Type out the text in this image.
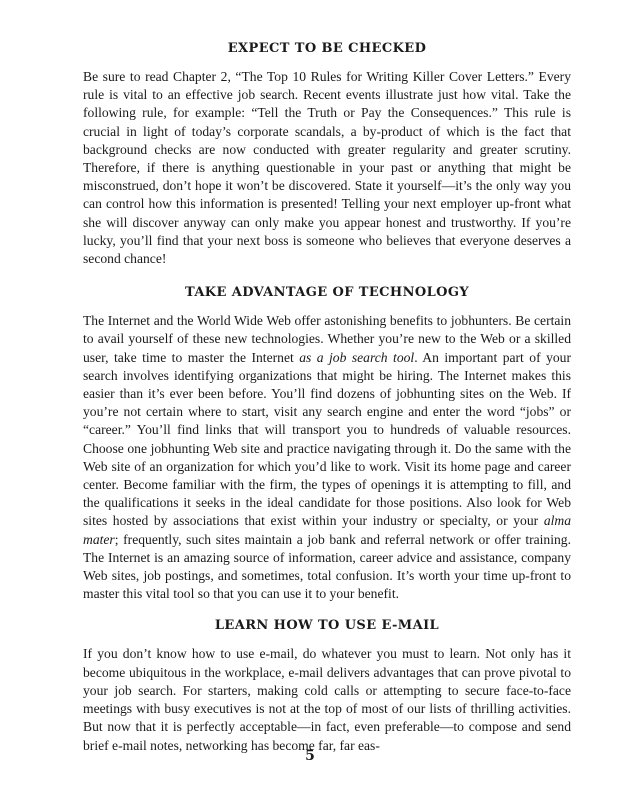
EXPECT TO BE CHECKED

Be sure to read Chapter 2, “The Top 10 Rules for Writing Killer Cover Letters.” Every rule is vital to an effective job search. Recent events illustrate just how vital. Take the following rule, for example: “Tell the Truth or Pay the Consequences.” This rule is crucial in light of today’s corporate scandals, a by-product of which is the fact that background checks are now conducted with greater regularity and greater scrutiny. Therefore, if there is anything questionable in your past or anything that might be misconstrued, don’t hope it won’t be discovered. State it yourself—it’s the only way you can control how this information is presented! Telling your next employer up-front what she will discover anyway can only make you appear honest and trustworthy. If you’re lucky, you’ll find that your next boss is someone who believes that everyone deserves a second chance!

TAKE ADVANTAGE OF TECHNOLOGY

The Internet and the World Wide Web offer astonishing benefits to jobhunters. Be certain to avail yourself of these new technologies. Whether you’re new to the Web or a skilled user, take time to master the Internet as a job search tool. An important part of your search involves identifying organizations that might be hiring. The Internet makes this easier than it’s ever been before. You’ll find dozens of jobhunting sites on the Web. If you’re not certain where to start, visit any search engine and enter the word “jobs” or “career.” You’ll find links that will transport you to hundreds of valuable resources. Choose one jobhunting Web site and practice navigating through it. Do the same with the Web site of an organization for which you’d like to work. Visit its home page and career center. Become familiar with the firm, the types of openings it is attempting to fill, and the qualifications it seeks in the ideal candidate for those positions. Also look for Web sites hosted by associations that exist within your industry or specialty, or your alma mater; frequently, such sites maintain a job bank and referral network or offer training. The Internet is an amazing source of information, career advice and assistance, company Web sites, job postings, and sometimes, total confusion. It’s worth your time up-front to master this vital tool so that you can use it to your benefit.

LEARN HOW TO USE E-MAIL

If you don’t know how to use e-mail, do whatever you must to learn. Not only has it become ubiquitous in the workplace, e-mail delivers advantages that can prove pivotal to your job search. For starters, making cold calls or attempting to secure face-to-face meetings with busy executives is not at the top of most of our lists of thrilling activities. But now that it is perfectly acceptable—in fact, even preferable—to compose and send brief e-mail notes, networking has become far, far eas-

5
